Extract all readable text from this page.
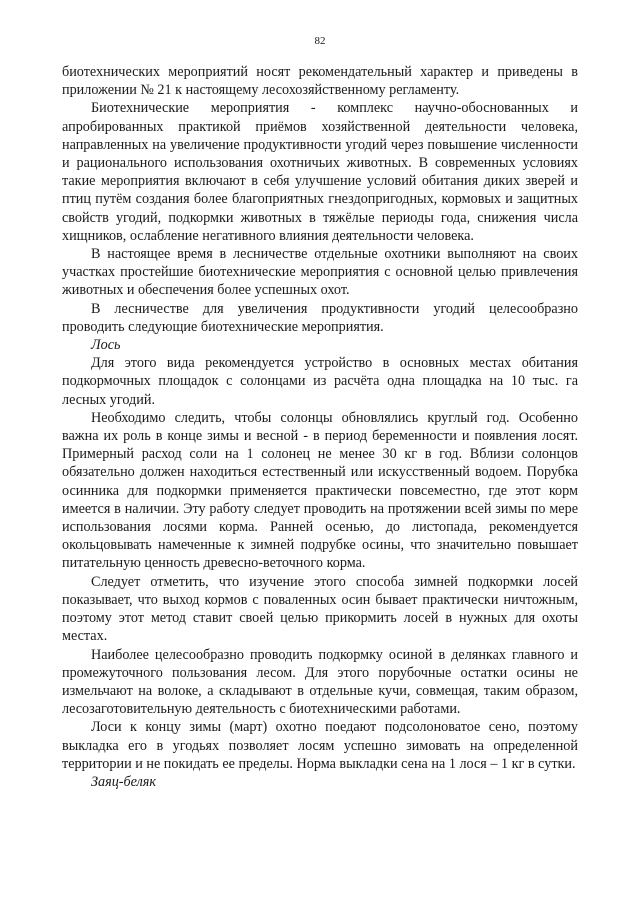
82

биотехнических мероприятий носят рекомендательный характер и приведены в приложении № 21 к настоящему лесохозяйственному регламенту.

Биотехнические мероприятия - комплекс научно-обоснованных и апробированных практикой приёмов хозяйственной деятельности человека, направленных на увеличение продуктивности угодий через повышение численности и рационального использования охотничьих животных. В современных условиях такие мероприятия включают в себя улучшение условий обитания диких зверей и птиц путём создания более благоприятных гнездопригодных, кормовых и защитных свойств угодий, подкормки животных в тяжёлые периоды года, снижения числа хищников, ослабление негативного влияния деятельности человека.

В настоящее время в лесничестве отдельные охотники выполняют на своих участках простейшие биотехнические мероприятия с основной целью привлечения животных и обеспечения более успешных охот.

В лесничестве для увеличения продуктивности угодий целесообразно проводить следующие биотехнические мероприятия.

Лось

Для этого вида рекомендуется устройство в основных местах обитания подкормочных площадок с солонцами из расчёта одна площадка на 10 тыс. га лесных угодий.

Необходимо следить, чтобы солонцы обновлялись круглый год. Особенно важна их роль в конце зимы и весной - в период беременности и появления лосят. Примерный расход соли на 1 солонец не менее 30 кг в год. Вблизи солонцов обязательно должен находиться естественный или искусственный водоем. Порубка осинника для подкормки применяется практически повсеместно, где этот корм имеется в наличии. Эту работу следует проводить на протяжении всей зимы по мере использования лосями корма. Ранней осенью, до листопада, рекомендуется окольцовывать намеченные к зимней подрубке осины, что значительно повышает питательную ценность древесно-веточного корма.

Следует отметить, что изучение этого способа зимней подкормки лосей показывает, что выход кормов с поваленных осин бывает практически ничтожным, поэтому этот метод ставит своей целью прикормить лосей в нужных для охоты местах.

Наиболее целесообразно проводить подкормку осиной в делянках главного и промежуточного пользования лесом. Для этого порубочные остатки осины не измельчают на волоке, а складывают в отдельные кучи, совмещая, таким образом, лесозаготовительную деятельность с биотехническими работами.

Лоси к концу зимы (март) охотно поедают подсолоноватое сено, поэтому выкладка его в угодьях позволяет лосям успешно зимовать на определенной территории и не покидать ее пределы. Норма выкладки сена на 1 лося – 1 кг в сутки.

Заяц-беляк
